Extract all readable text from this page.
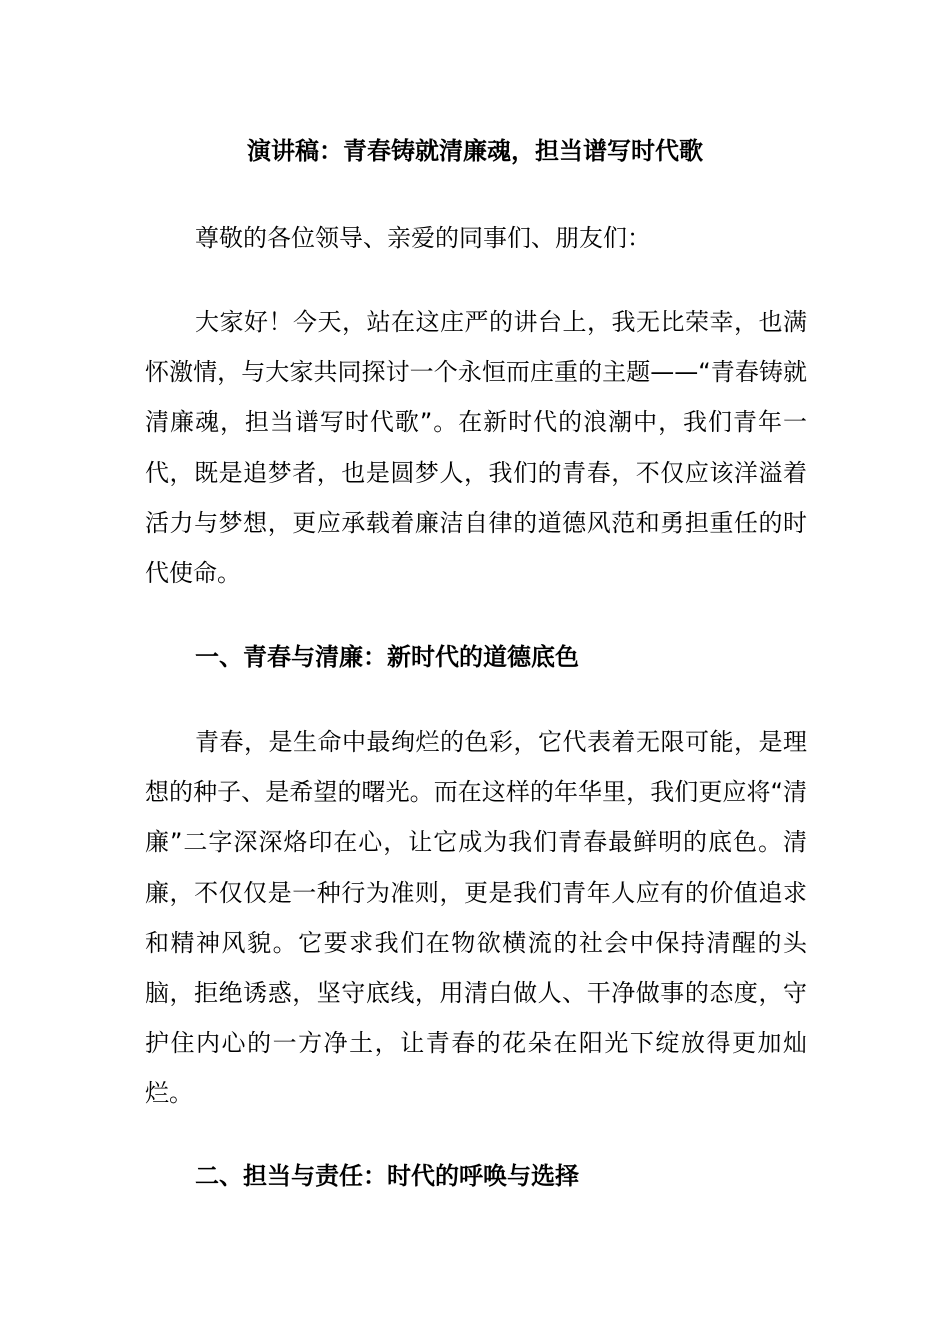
演讲稿：青春铸就清廉魂，担当谱写时代歌
尊敬的各位领导、亲爱的同事们、朋友们：

大家好！今天，站在这庄严的讲台上，我无比荣幸，也满怀激情，与大家共同探讨一个永恒而庄重的主题——“青春铸就清廉魂，担当谱写时代歌”。在新时代的浪潮中，我们青年一代，既是追梦者，也是圆梦人，我们的青春，不仅应该洋溢着活力与梦想，更应承载着廉洁自律的道德风范和勇担重任的时代使命。

一、青春与清廉：新时代的道德底色

青春，是生命中最绚烂的色彩，它代表着无限可能，是理想的种子、是希望的曙光。而在这样的年华里，我们更应将“清廉”二字深深烙印在心，让它成为我们青春最鲜明的底色。清廉，不仅仅是一种行为准则，更是我们青年人应有的价值追求和精神风貌。它要求我们在物欲横流的社会中保持清醒的头脑，拒绝诱惑，坚守底线，用清白做人、干净做事的态度，守护住内心的一方净土，让青春的花朵在阳光下绽放得更加灿烂。

二、担当与责任：时代的呼唤与选择
